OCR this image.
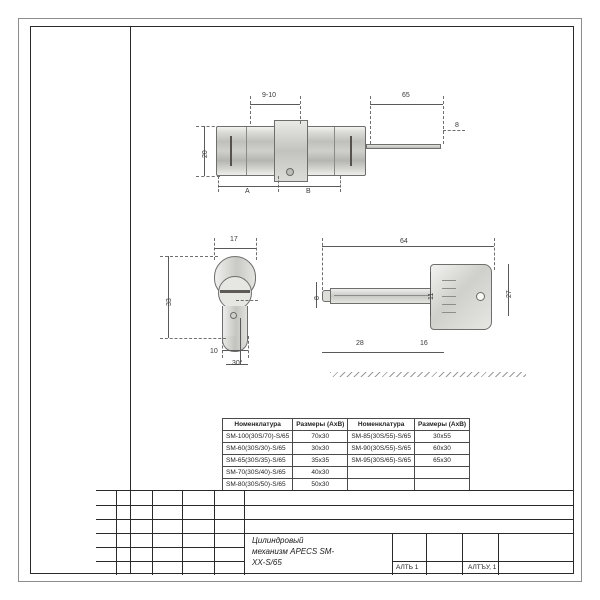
9-10	65
8
20
A	B
17
33
10
30°
64
28	16
11	27
8
Номенклатура	Размеры (АхВ)	Номенклатура	Размеры (АхВ)
SM-100(30S/70)-S/65	70х30	SM-85(30S/55)-S/65	30х55
SM-60(30S/30)-S/65	30х30	SM-90(30S/55)-S/65	60х30
SM-65(30S/35)-S/65	35х35	SM-95(30S/65)-S/65	65х30
SM-70(30S/40)-S/65	40х30		
SM-80(30S/50)-S/65	50х30		
Цилиндровый
механизм APECS SM-
XX-S/65
АЛТЬ 1	АЛТЪУ, 1
